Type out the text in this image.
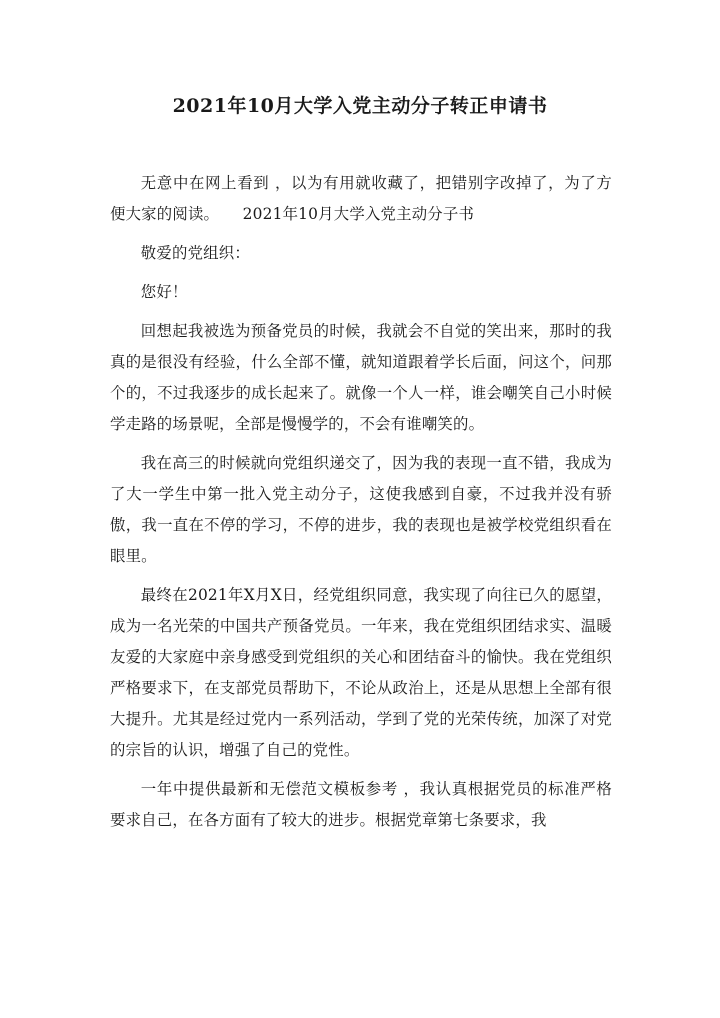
2021年10月大学入党主动分子转正申请书

无意中在网上看到 ，以为有用就收藏了，把错别字改掉了，为了方便大家的阅读。　　2021年10月大学入党主动分子书

敬爱的党组织：

您好！

回想起我被选为预备党员的时候，我就会不自觉的笑出来，那时的我真的是很没有经验，什么全部不懂，就知道跟着学长后面，问这个，问那个的，不过我逐步的成长起来了。就像一个人一样，谁会嘲笑自己小时候学走路的场景呢，全部是慢慢学的，不会有谁嘲笑的。

我在高三的时候就向党组织递交了，因为我的表现一直不错，我成为了大一学生中第一批入党主动分子，这使我感到自豪，不过我并没有骄傲，我一直在不停的学习，不停的进步，我的表现也是被学校党组织看在眼里。

最终在2021年X月X日，经党组织同意，我实现了向往已久的愿望，成为一名光荣的中国共产预备党员。一年来，我在党组织团结求实、温暖友爱的大家庭中亲身感受到党组织的关心和团结奋斗的愉快。我在党组织严格要求下，在支部党员帮助下，不论从政治上，还是从思想上全部有很大提升。尤其是经过党内一系列活动，学到了党的光荣传统，加深了对党的宗旨的认识，增强了自己的党性。

一年中提供最新和无偿范文模板参考 ，我认真根据党员的标准严格要求自己，在各方面有了较大的进步。根据党章第七条要求，我
